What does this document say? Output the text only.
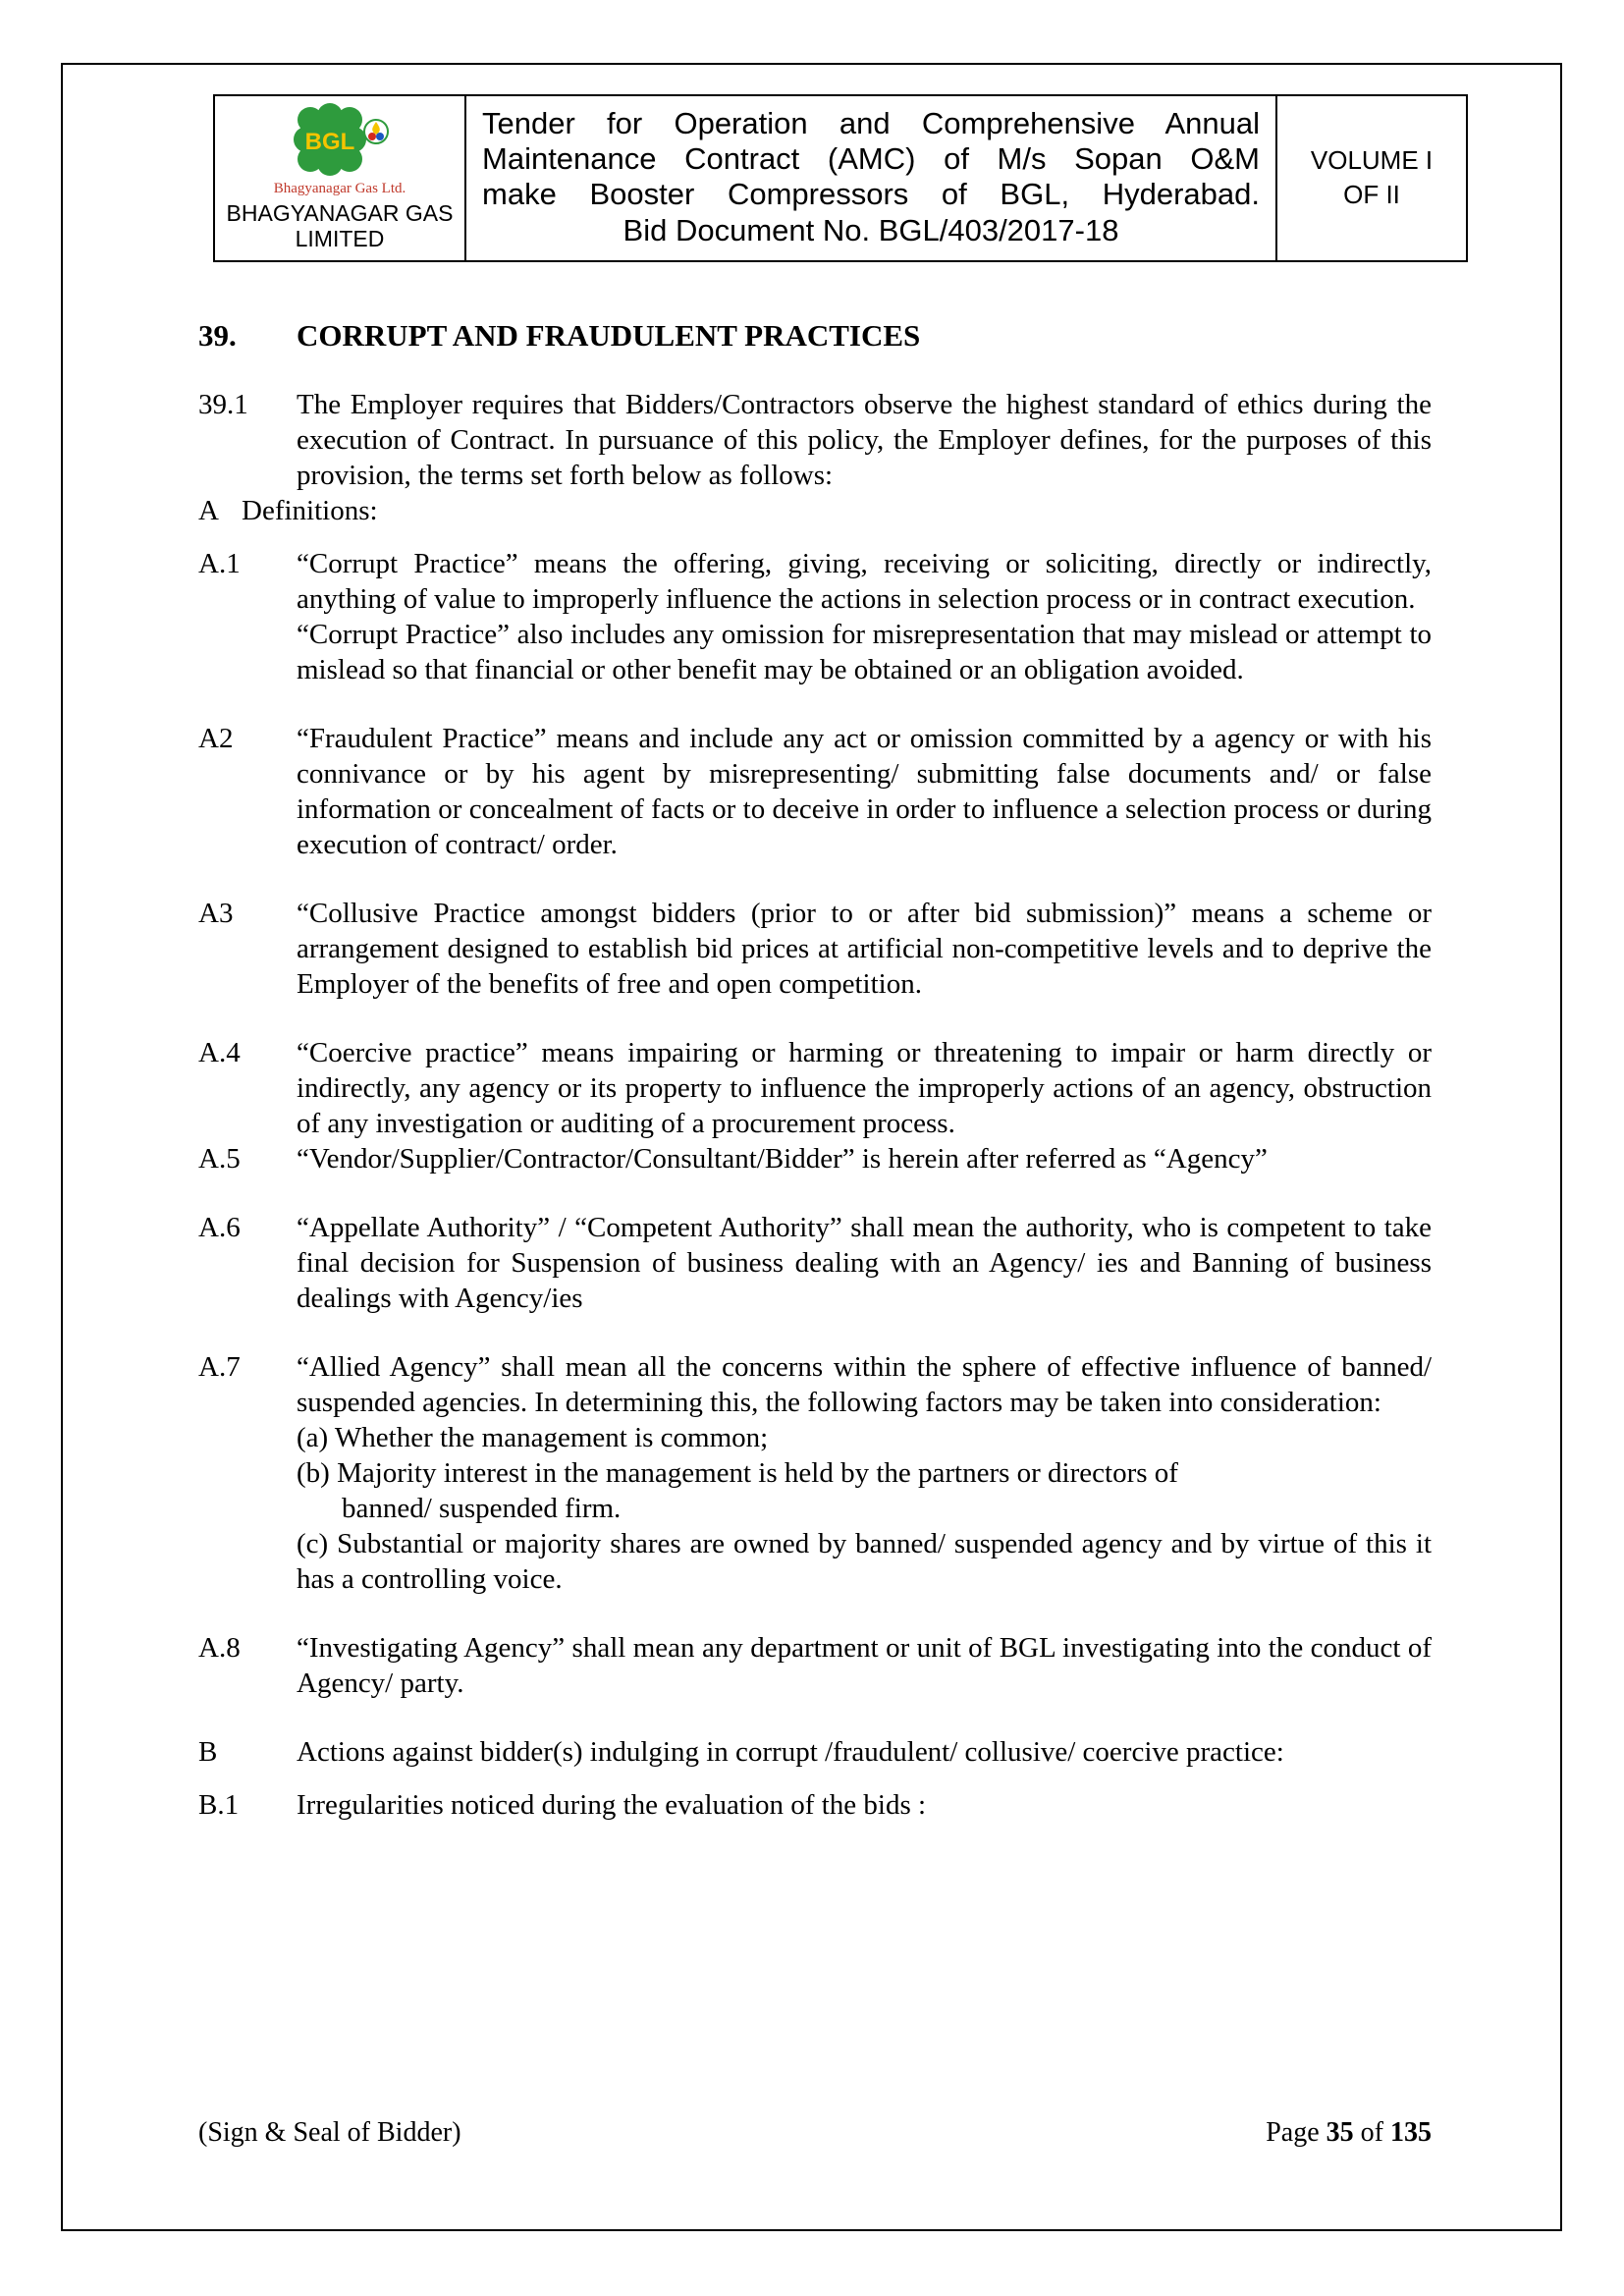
BGL
Bhagyanagar Gas Ltd.
BHAGYANAGAR GAS
LIMITED

Tender for Operation and Comprehensive Annual
Maintenance Contract (AMC) of M/s Sopan O&M
make Booster Compressors of BGL, Hyderabad.
Bid Document No. BGL/403/2017-18

VOLUME I
OF II
39.	CORRUPT AND FRAUDULENT PRACTICES
39.1	The Employer requires that Bidders/Contractors observe the highest standard of ethics during the execution of Contract. In pursuance of this policy, the Employer defines, for the purposes of this provision, the terms set forth below as follows:
A Definitions:
A.1	“Corrupt Practice” means the offering, giving, receiving or soliciting, directly or indirectly, anything of value to improperly influence the actions in selection process or in contract execution.

“Corrupt Practice” also includes any omission for misrepresentation that may mislead or attempt to mislead so that financial or other benefit may be obtained or an obligation avoided.

A2	“Fraudulent Practice” means and include any act or omission committed by a agency or with his connivance or by his agent by misrepresenting/ submitting false documents and/ or false information or concealment of facts or to deceive in order to influence a selection process or during execution of contract/ order.
A3	“Collusive Practice amongst bidders (prior to or after bid submission)” means a scheme or arrangement designed to establish bid prices at artificial non-competitive levels and to deprive the Employer of the benefits of free and open competition.
A.4	“Coercive practice” means impairing or harming or threatening to impair or harm directly or indirectly, any agency or its property to influence the improperly actions of an agency, obstruction of any investigation or auditing of a procurement process.
A.5	“Vendor/Supplier/Contractor/Consultant/Bidder” is herein after referred as “Agency”
A.6	“Appellate Authority” / “Competent Authority” shall mean the authority, who is competent to take final decision for Suspension of business dealing with an Agency/ ies and Banning of business dealings with Agency/ies
A.7	“Allied Agency” shall mean all the concerns within the sphere of effective influence of banned/ suspended agencies. In determining this, the following factors may be taken into consideration:

(a) Whether the management is common;
(b) Majority interest in the management is held by the partners or directors of
banned/ suspended firm.
(c) Substantial or majority shares are owned by banned/ suspended agency and by virtue of this it has a controlling voice.
A.8	“Investigating Agency” shall mean any department or unit of BGL investigating into the conduct of Agency/ party.
B	Actions against bidder(s) indulging in corrupt /fraudulent/ collusive/ coercive practice:
B.1	Irregularities noticed during the evaluation of the bids :
(Sign & Seal of Bidder)	Page 35 of 135
